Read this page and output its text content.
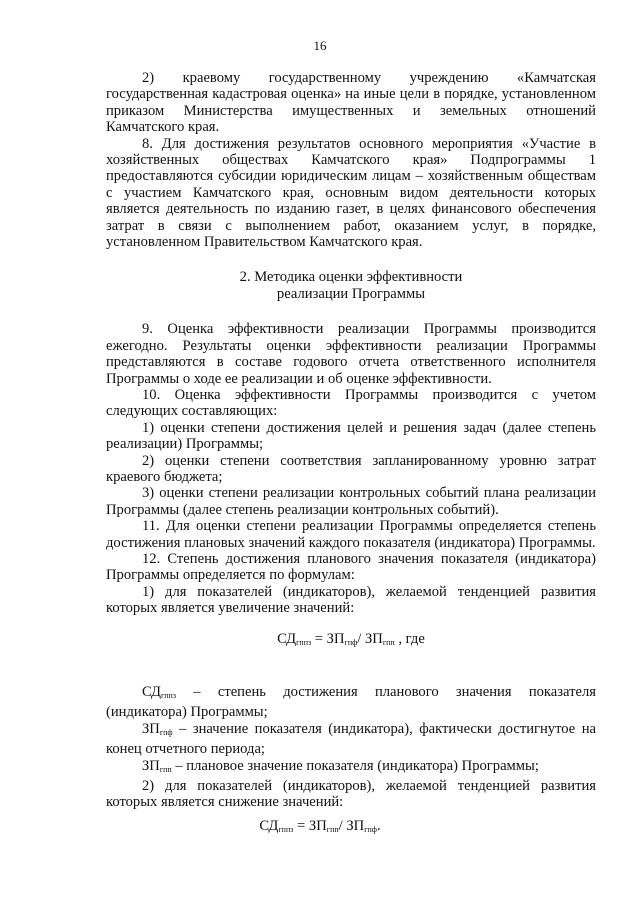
16

2) краевому государственному учреждению «Камчатская государственная кадастровая оценка» на иные цели в порядке, установленном приказом Министерства имущественных и земельных отношений Камчатского края.

8. Для достижения результатов основного мероприятия «Участие в хозяйственных обществах Камчатского края» Подпрограммы 1 предоставляются субсидии юридическим лицам – хозяйственным обществам с участием Камчатского края, основным видом деятельности которых является деятельность по изданию газет, в целях финансового обеспечения затрат в связи с выполнением работ, оказанием услуг, в порядке, установленном Правительством Камчатского края.

2. Методика оценки эффективности

реализации Программы

9. Оценка эффективности реализации Программы производится ежегодно. Результаты оценки эффективности реализации Программы представляются в составе годового отчета ответственного исполнителя Программы о ходе ее реализации и об оценке эффективности.

10. Оценка эффективности Программы производится с учетом следующих составляющих:

1) оценки степени достижения целей и решения задач (далее степень реализации) Программы;

2) оценки степени соответствия запланированному уровню затрат краевого бюджета;

3) оценки степени реализации контрольных событий плана реализации Программы (далее степень реализации контрольных событий).

11. Для оценки степени реализации Программы определяется степень достижения плановых значений каждого показателя (индикатора) Программы.

12. Степень достижения планового значения показателя (индикатора) Программы определяется по формулам:

1) для показателей (индикаторов), желаемой тенденцией развития которых является увеличение значений:

$СД_{гппз} = ЗП_{гпф}/$ $ЗП_{гпп}$ , где

$СД_{гппз}$ – степень достижения планового значения показателя (индикатора) Программы;

$ЗП_{гпф}$ – значение показателя (индикатора), фактически достигнутое на конец отчетного периода;

$ЗП_{гпп}$ – плановое значение показателя (индикатора) Программы;

2) для показателей (индикаторов), желаемой тенденцией развития которых является снижение значений:

$СД_{гппз} = ЗП_{гпп}/$ $ЗП_{гпф}$.
